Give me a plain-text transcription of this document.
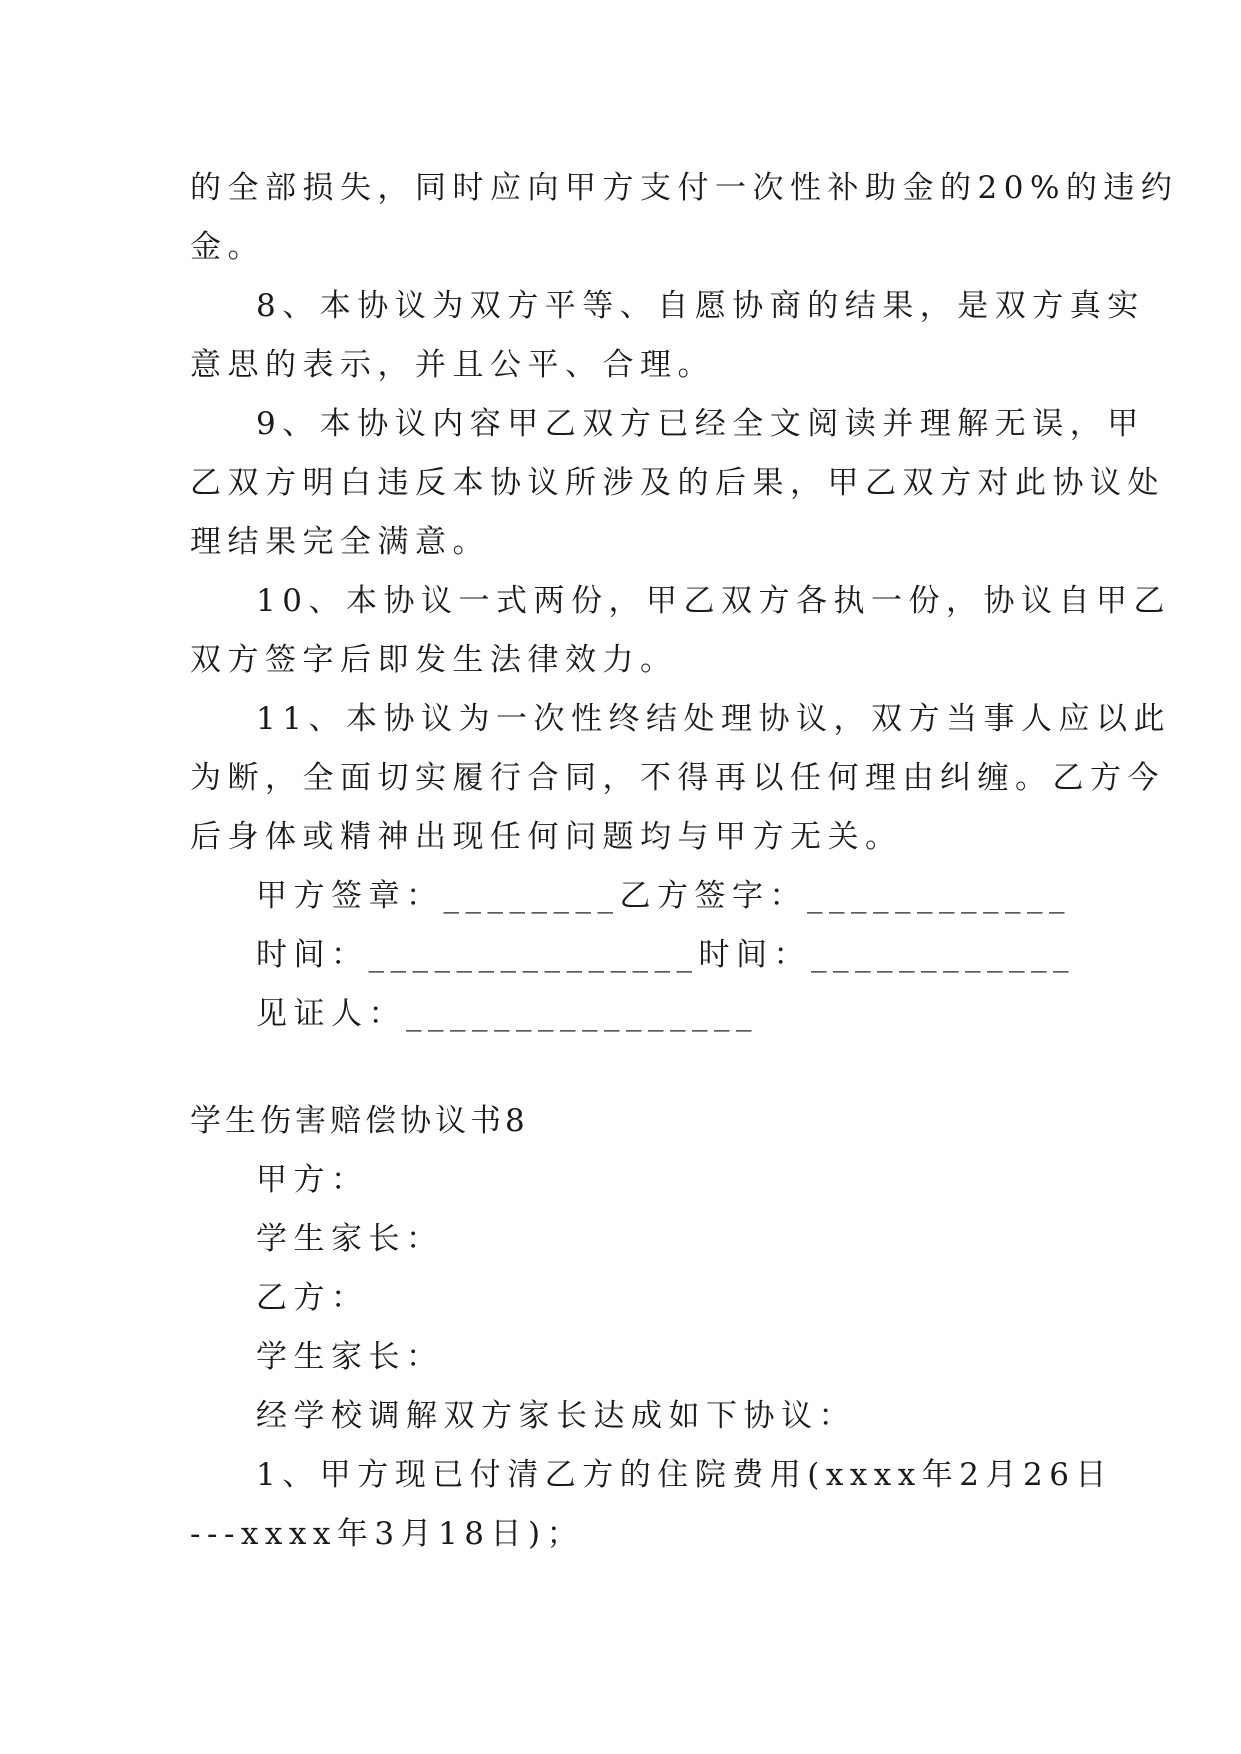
的全部损失，同时应向甲方支付一次性补助金的20%的违约
金。
8、本协议为双方平等、自愿协商的结果，是双方真实
意思的表示，并且公平、合理。
9、本协议内容甲乙双方已经全文阅读并理解无误，甲
乙双方明白违反本协议所涉及的后果，甲乙双方对此协议处
理结果完全满意。
10、本协议一式两份，甲乙双方各执一份，协议自甲乙
双方签字后即发生法律效力。
11、本协议为一次性终结处理协议，双方当事人应以此
为断，全面切实履行合同，不得再以任何理由纠缠。乙方今
后身体或精神出现任何问题均与甲方无关。
甲方签章：________乙方签字：____________
时间：_______________时间：____________
见证人：________________
学生伤害赔偿协议书8
甲方：
学生家长：
乙方：
学生家长：
经学校调解双方家长达成如下协议：
1、甲方现已付清乙方的住院费用(xxxx年2月26日
---xxxx年3月18日)；
